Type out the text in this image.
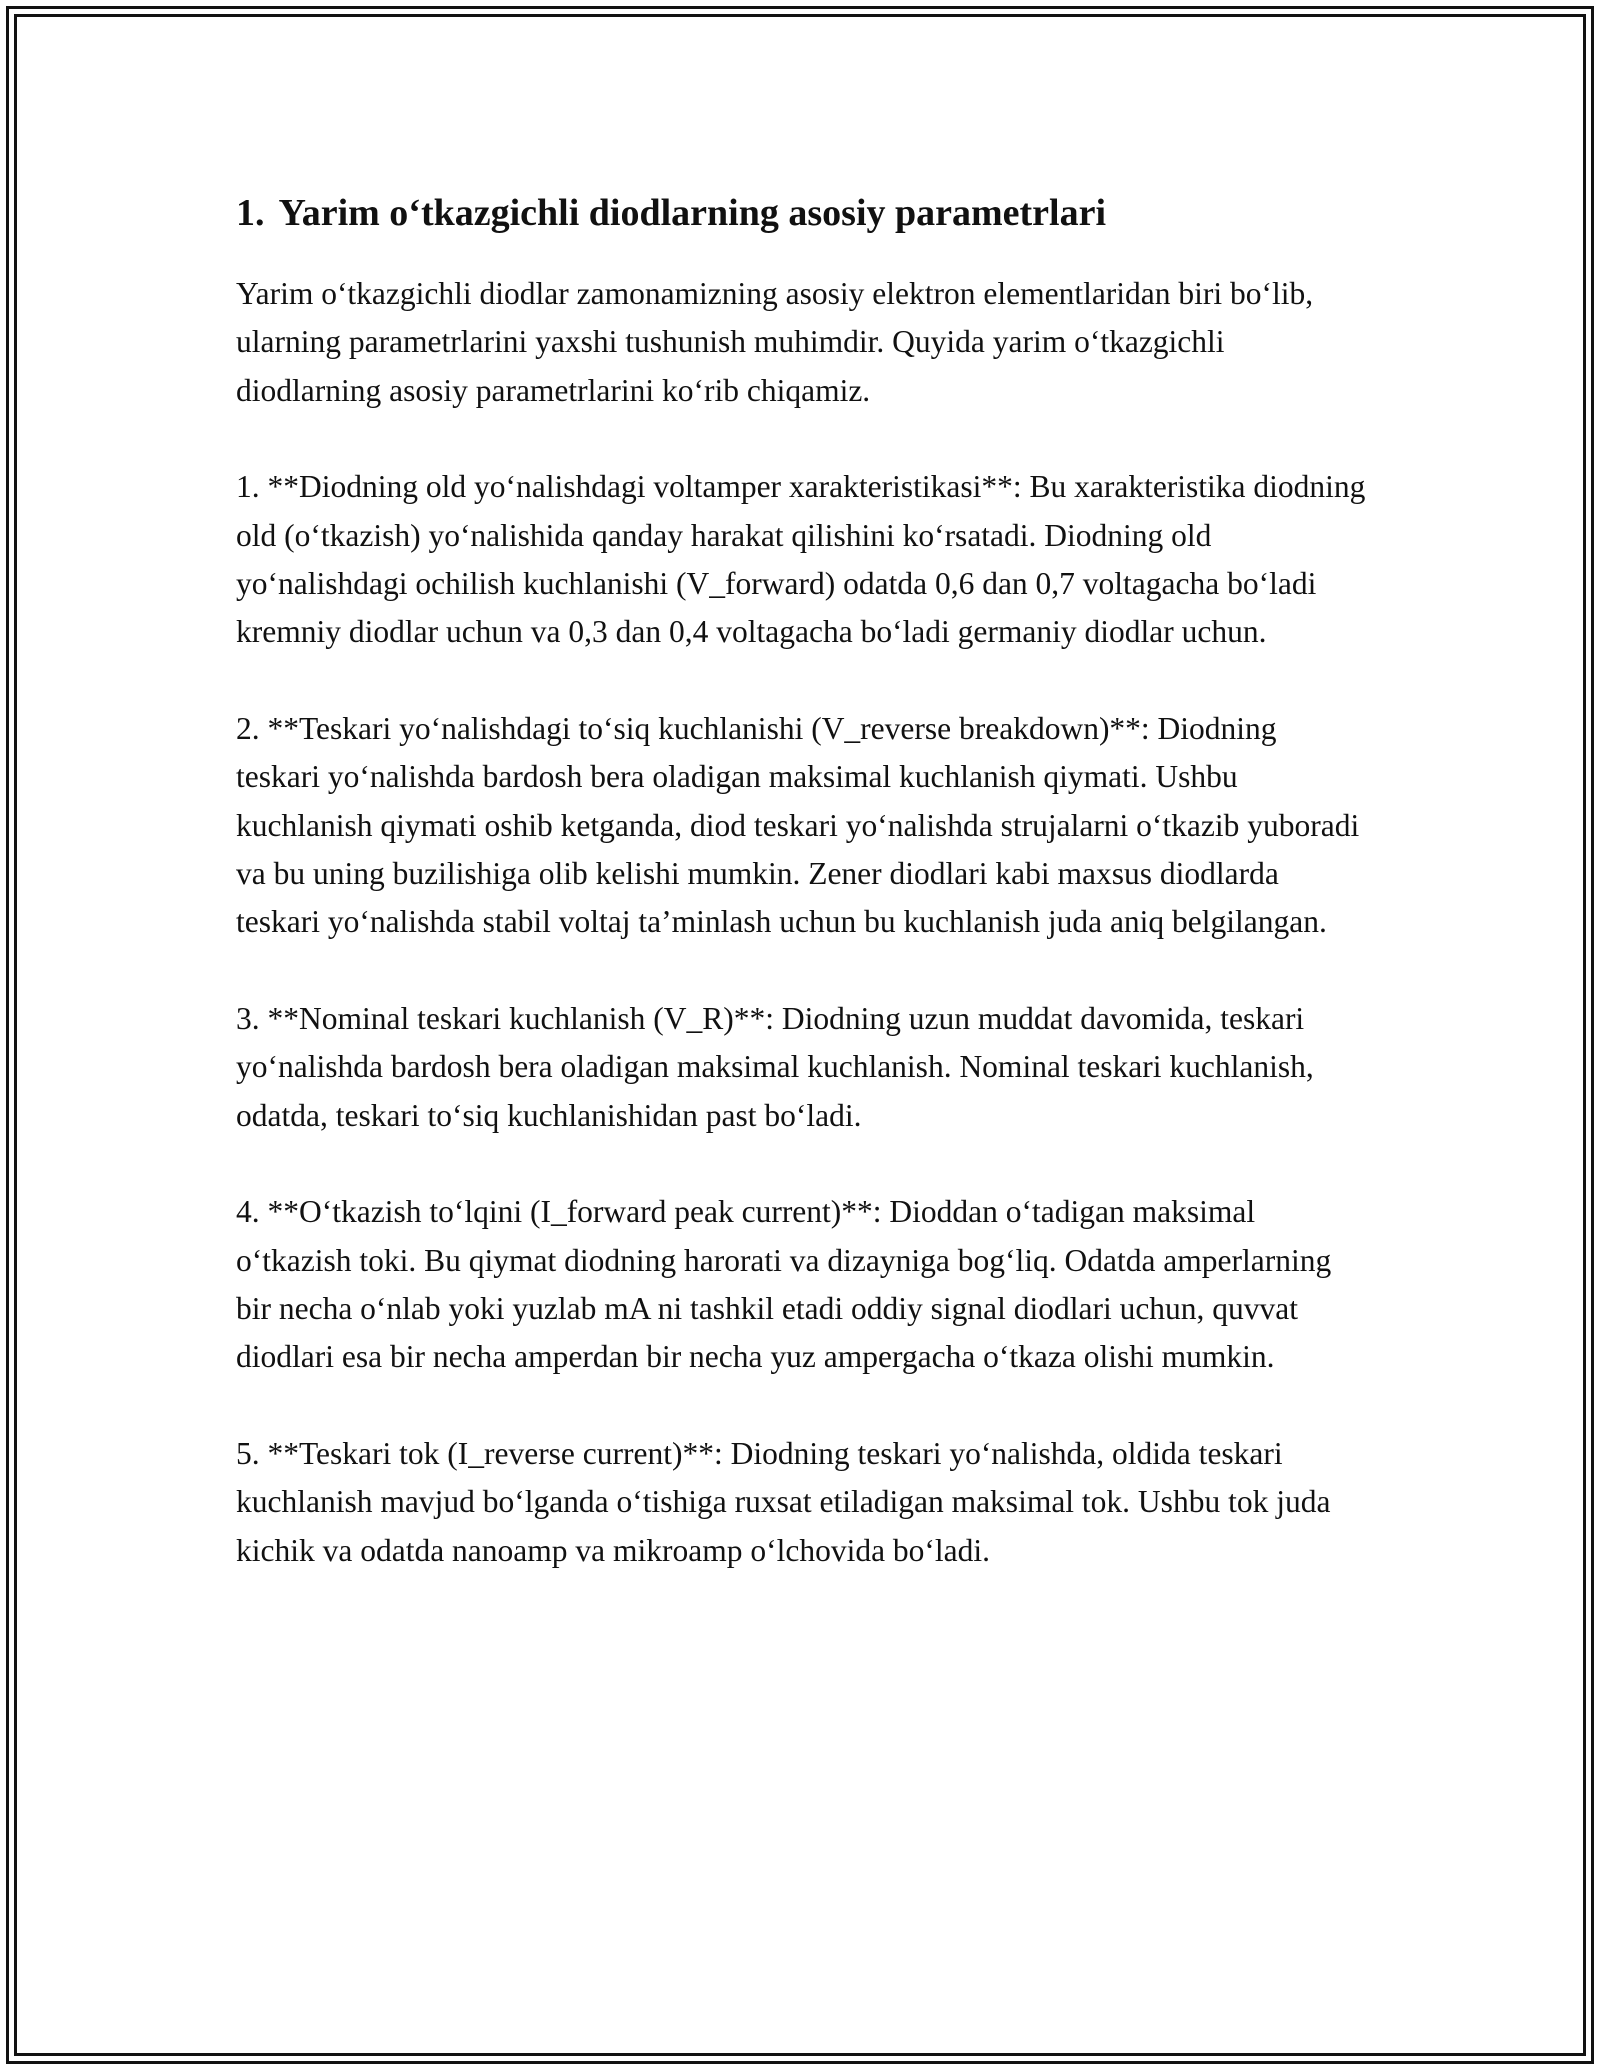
1. Yarim o‘tkazgichli diodlarning asosiy parametrlari

Yarim o‘tkazgichli diodlar zamonamizning asosiy elektron elementlaridan biri bo‘lib, ularning parametrlarini yaxshi tushunish muhimdir. Quyida yarim o‘tkazgichli diodlarning asosiy parametrlarini ko‘rib chiqamiz.

1. **Diodning old yo‘nalishdagi voltamper xarakteristikasi**: Bu xarakteristika diodning old (o‘tkazish) yo‘nalishida qanday harakat qilishini ko‘rsatadi. Diodning old yo‘nalishdagi ochilish kuchlanishi (V_forward) odatda 0,6 dan 0,7 voltagacha bo‘ladi kremniy diodlar uchun va 0,3 dan 0,4 voltagacha bo‘ladi germaniy diodlar uchun.

2. **Teskari yo‘nalishdagi to‘siq kuchlanishi (V_reverse breakdown)**: Diodning teskari yo‘nalishda bardosh bera oladigan maksimal kuchlanish qiymati. Ushbu kuchlanish qiymati oshib ketganda, diod teskari yo‘nalishda strujalarni o‘tkazib yuboradi va bu uning buzilishiga olib kelishi mumkin. Zener diodlari kabi maxsus diodlarda teskari yo‘nalishda stabil voltaj ta’minlash uchun bu kuchlanish juda aniq belgilangan.

3. **Nominal teskari kuchlanish (V_R)**: Diodning uzun muddat davomida, teskari yo‘nalishda bardosh bera oladigan maksimal kuchlanish. Nominal teskari kuchlanish, odatda, teskari to‘siq kuchlanishidan past bo‘ladi.

4. **O‘tkazish to‘lqini (I_forward peak current)**: Dioddan o‘tadigan maksimal o‘tkazish toki. Bu qiymat diodning harorati va dizayniga bog‘liq. Odatda amperlarning bir necha o‘nlab yoki yuzlab mA ni tashkil etadi oddiy signal diodlari uchun, quvvat diodlari esa bir necha amperdan bir necha yuz ampergacha o‘tkaza olishi mumkin.

5. **Teskari tok (I_reverse current)**: Diodning teskari yo‘nalishda, oldida teskari kuchlanish mavjud bo‘lganda o‘tishiga ruxsat etiladigan maksimal tok. Ushbu tok juda kichik va odatda nanoamp va mikroamp o‘lchovida bo‘ladi.
